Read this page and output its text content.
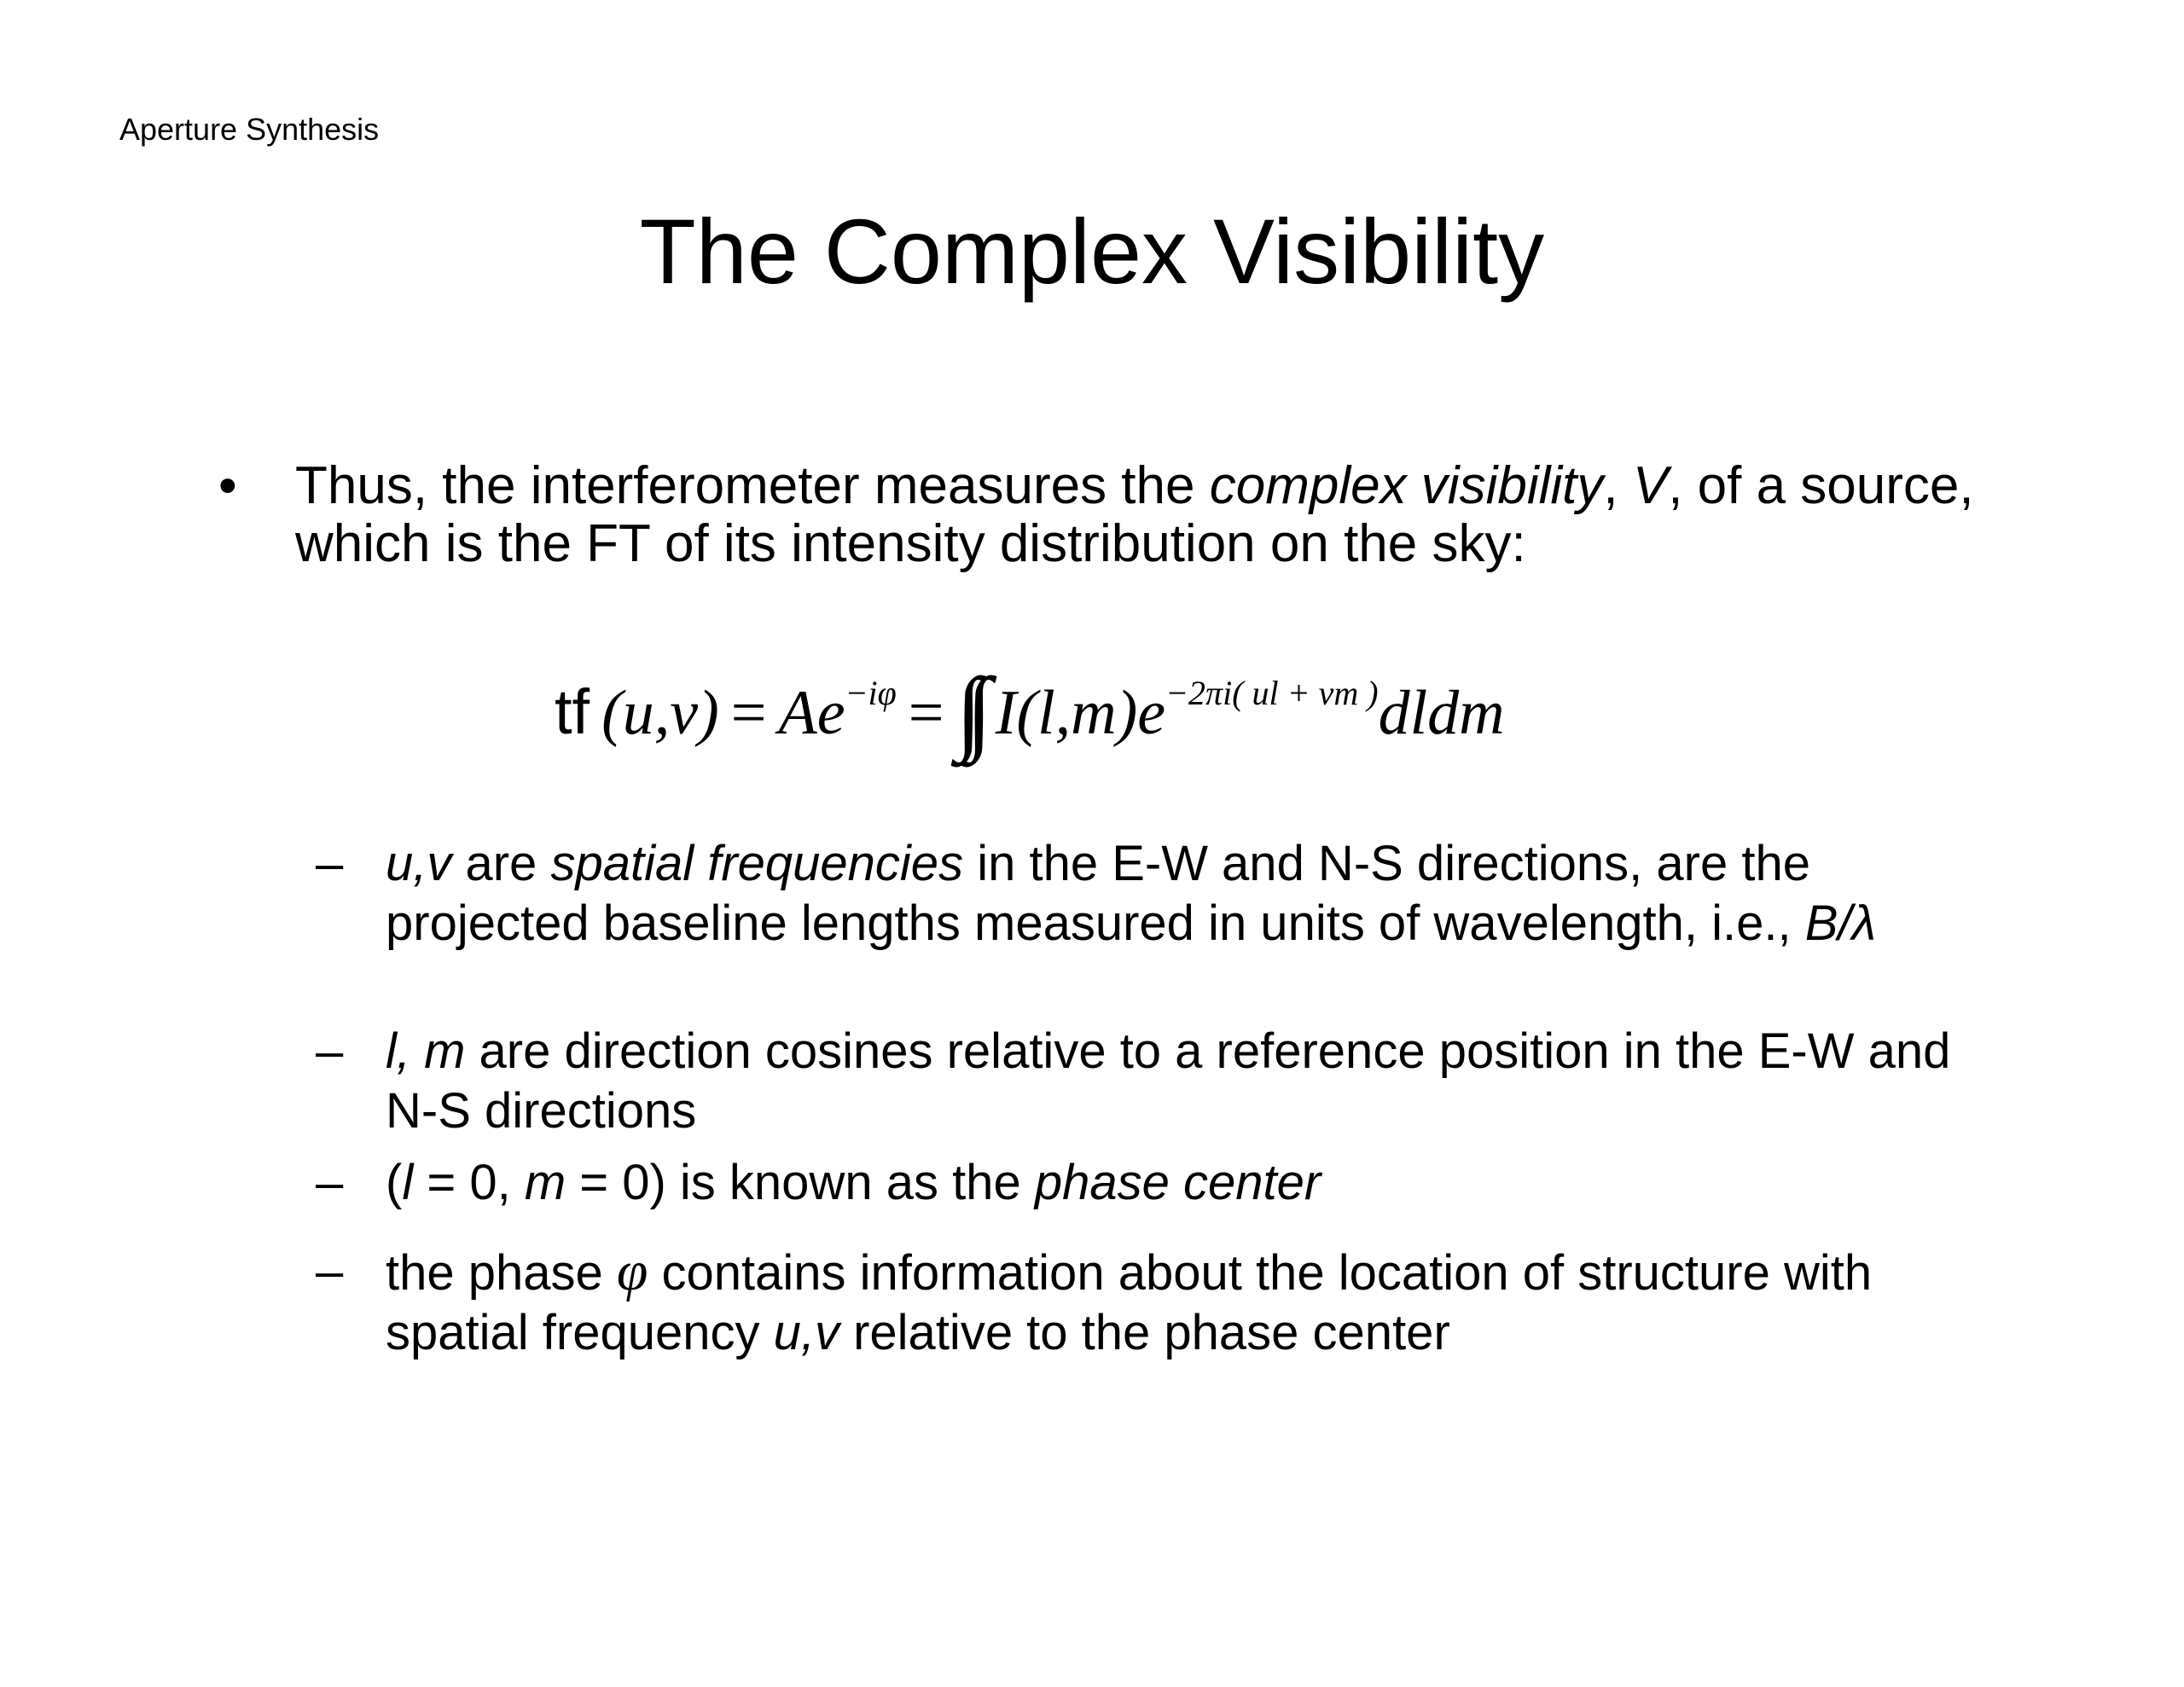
Aperture Synthesis
The Complex Visibility
• Thus, the interferometer measures the complex visibility, V, of a source, which is the FT of its intensity distribution on the sky:
tf (u,v) = Ae −iφ = ∫∫ I(l,m)e −2πi( ul + vm ) dldm
– u,v are spatial frequencies in the E-W and N-S directions, are the projected baseline lengths measured in units of wavelength, i.e., B/λ
– l, m are direction cosines relative to a reference position in the E-W and N-S directions
– (l = 0, m = 0) is known as the phase center
– the phase φ contains information about the location of structure with spatial frequency u,v relative to the phase center
